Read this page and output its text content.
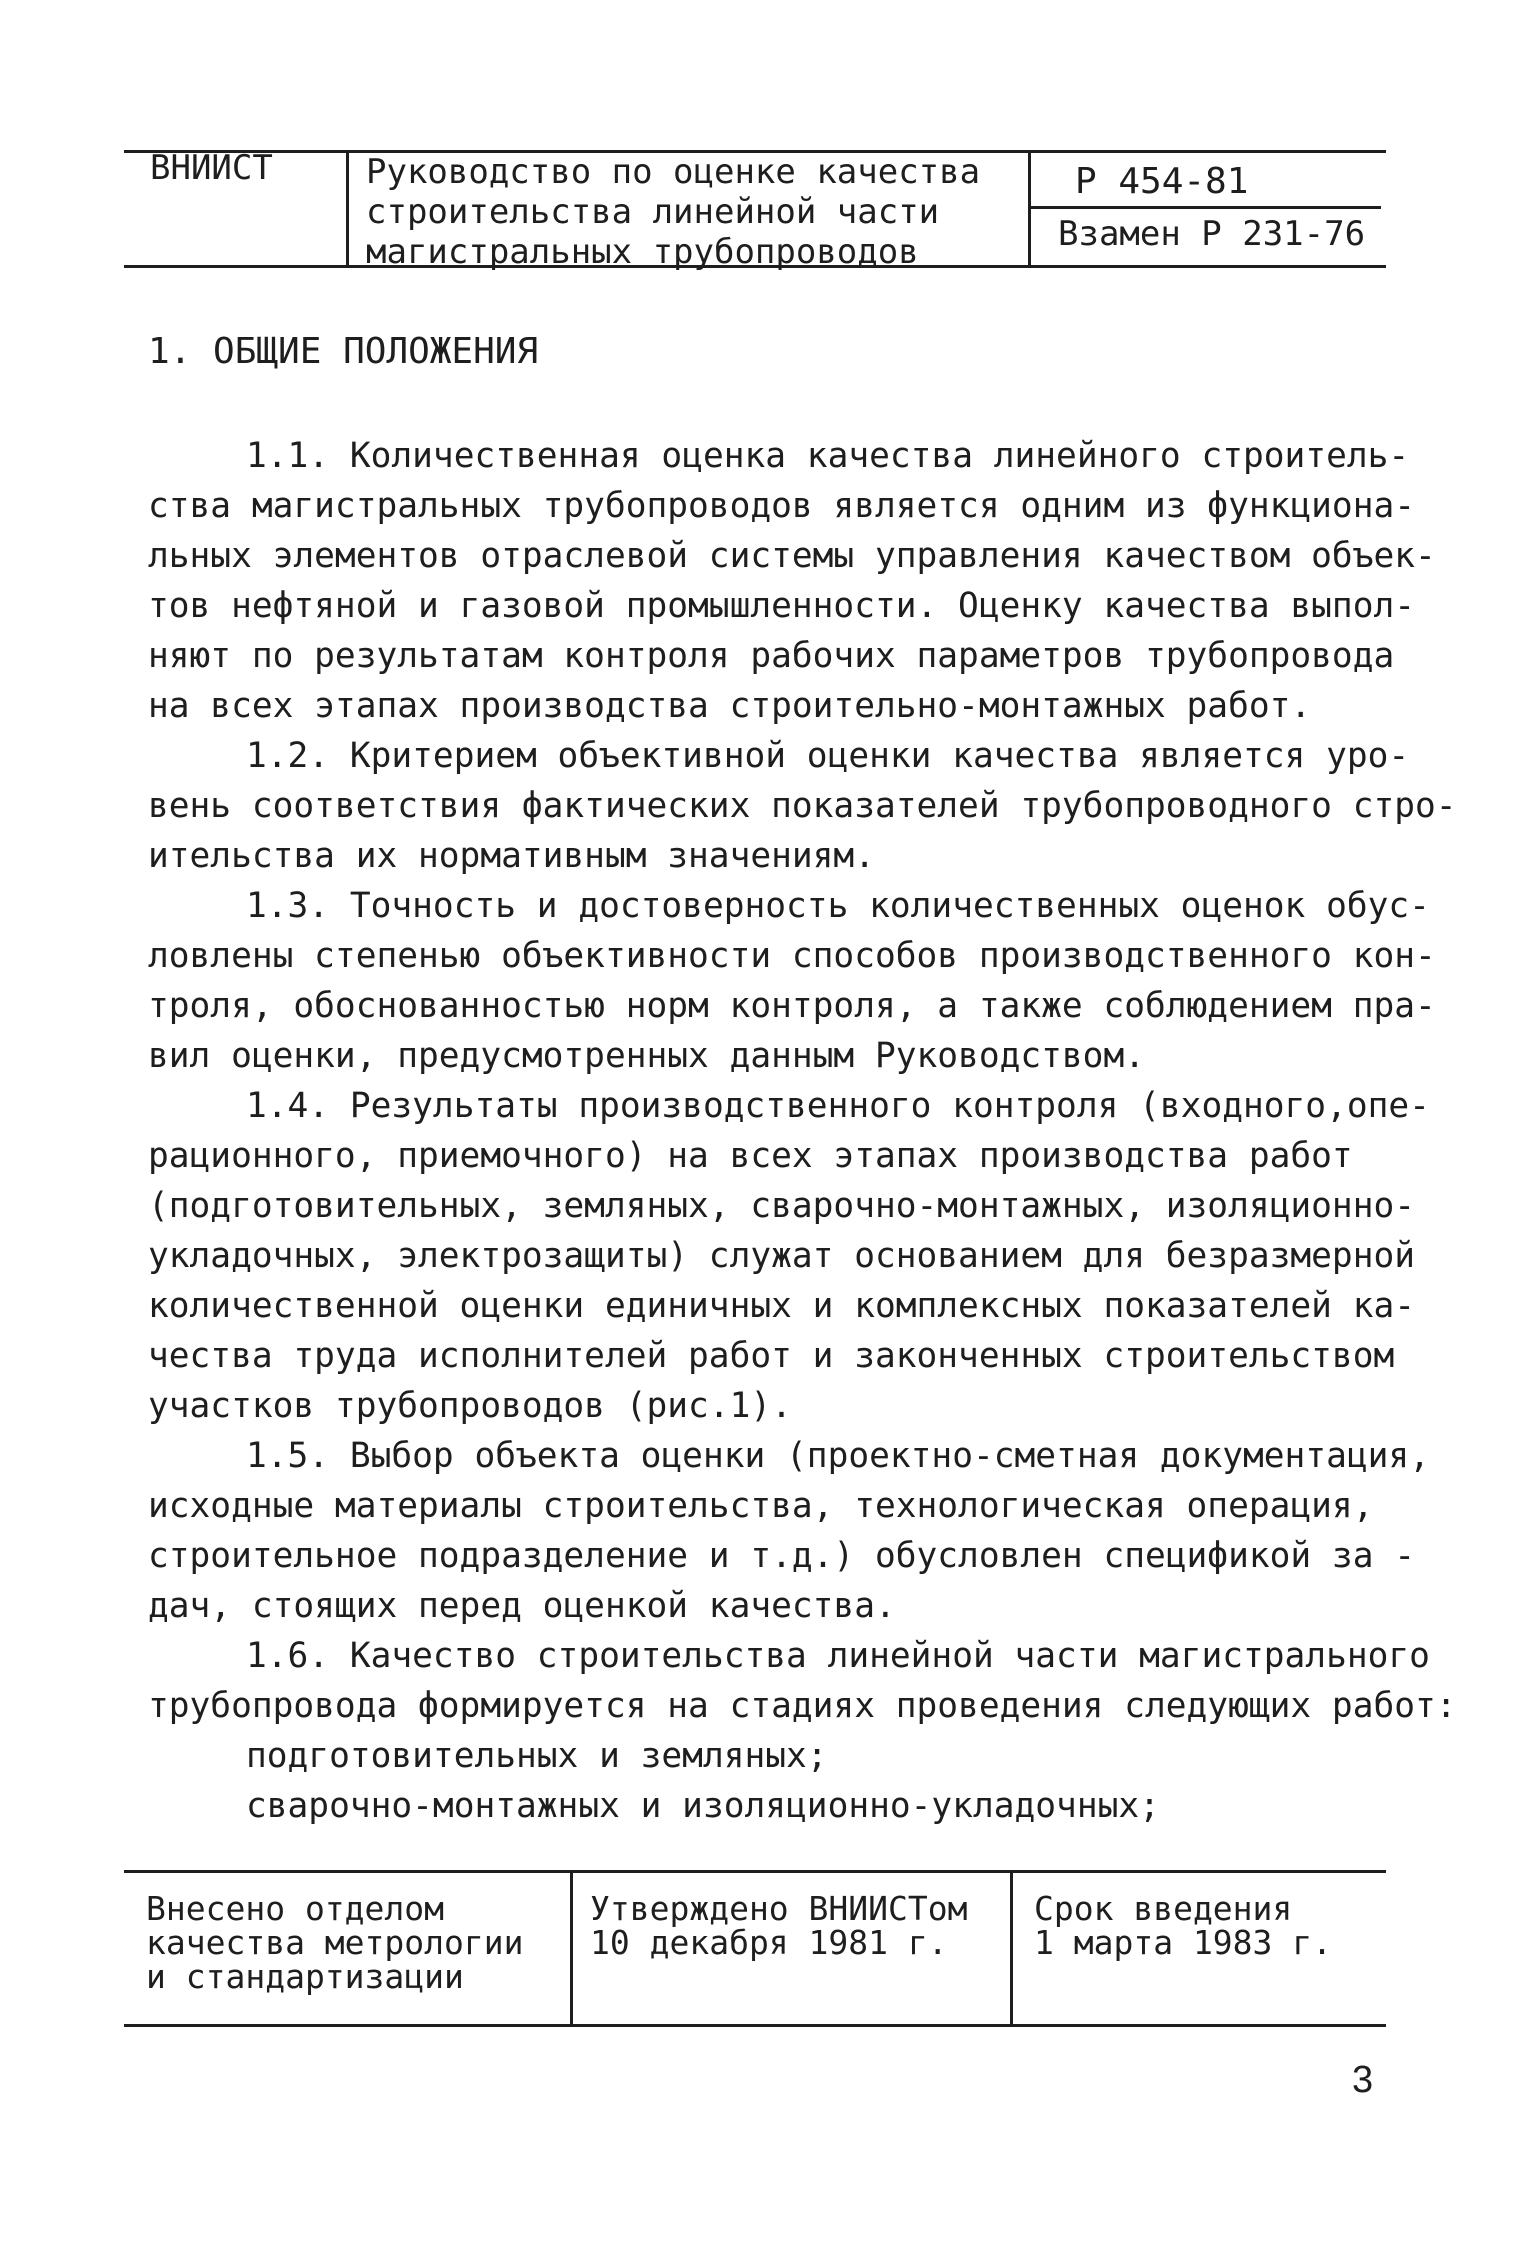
ВНИИСТ	Руководство по оценке качества
строительства линейной части
магистральных трубопроводов
Р 454-81
Взамен Р 231-76
1. ОБЩИЕ ПОЛОЖЕНИЯ
1.1. Количественная оценка качества линейного строитель-
ства магистральных трубопроводов является одним из функциона-
льных элементов отраслевой системы управления качеством объек-
тов нефтяной и газовой промышленности. Оценку качества выпол-
няют по результатам контроля рабочих параметров трубопровода
на всех этапах производства строительно-монтажных работ.
1.2. Критерием объективной оценки качества является уро-
вень соответствия фактических показателей трубопроводного стро-
ительства их нормативным значениям.
1.3. Точность и достоверность количественных оценок обус-
ловлены степенью объективности способов производственного кон-
троля, обоснованностью норм контроля, а также соблюдением пра-
вил оценки, предусмотренных данным Руководством.
1.4. Результаты производственного контроля (входного,опе-
рационного, приемочного) на всех этапах производства работ
(подготовительных, земляных, сварочно-монтажных, изоляционно-
укладочных, электрозащиты) служат основанием для безразмерной
количественной оценки единичных и комплексных показателей ка-
чества труда исполнителей работ и законченных строительством
участков трубопроводов (рис.1).
1.5. Выбор объекта оценки (проектно-сметная документация,
исходные материалы строительства, технологическая операция,
строительное подразделение и т.д.) обусловлен спецификой за -
дач, стоящих перед оценкой качества.
1.6. Качество строительства линейной части магистрального
трубопровода формируется на стадиях проведения следующих работ:
подготовительных и земляных;
сварочно-монтажных и изоляционно-укладочных;
Внесено отделом
качества метрологии
и стандартизации
Утверждено ВНИИСТом
10 декабря 1981 г.
Срок введения
1 марта 1983 г.
3
